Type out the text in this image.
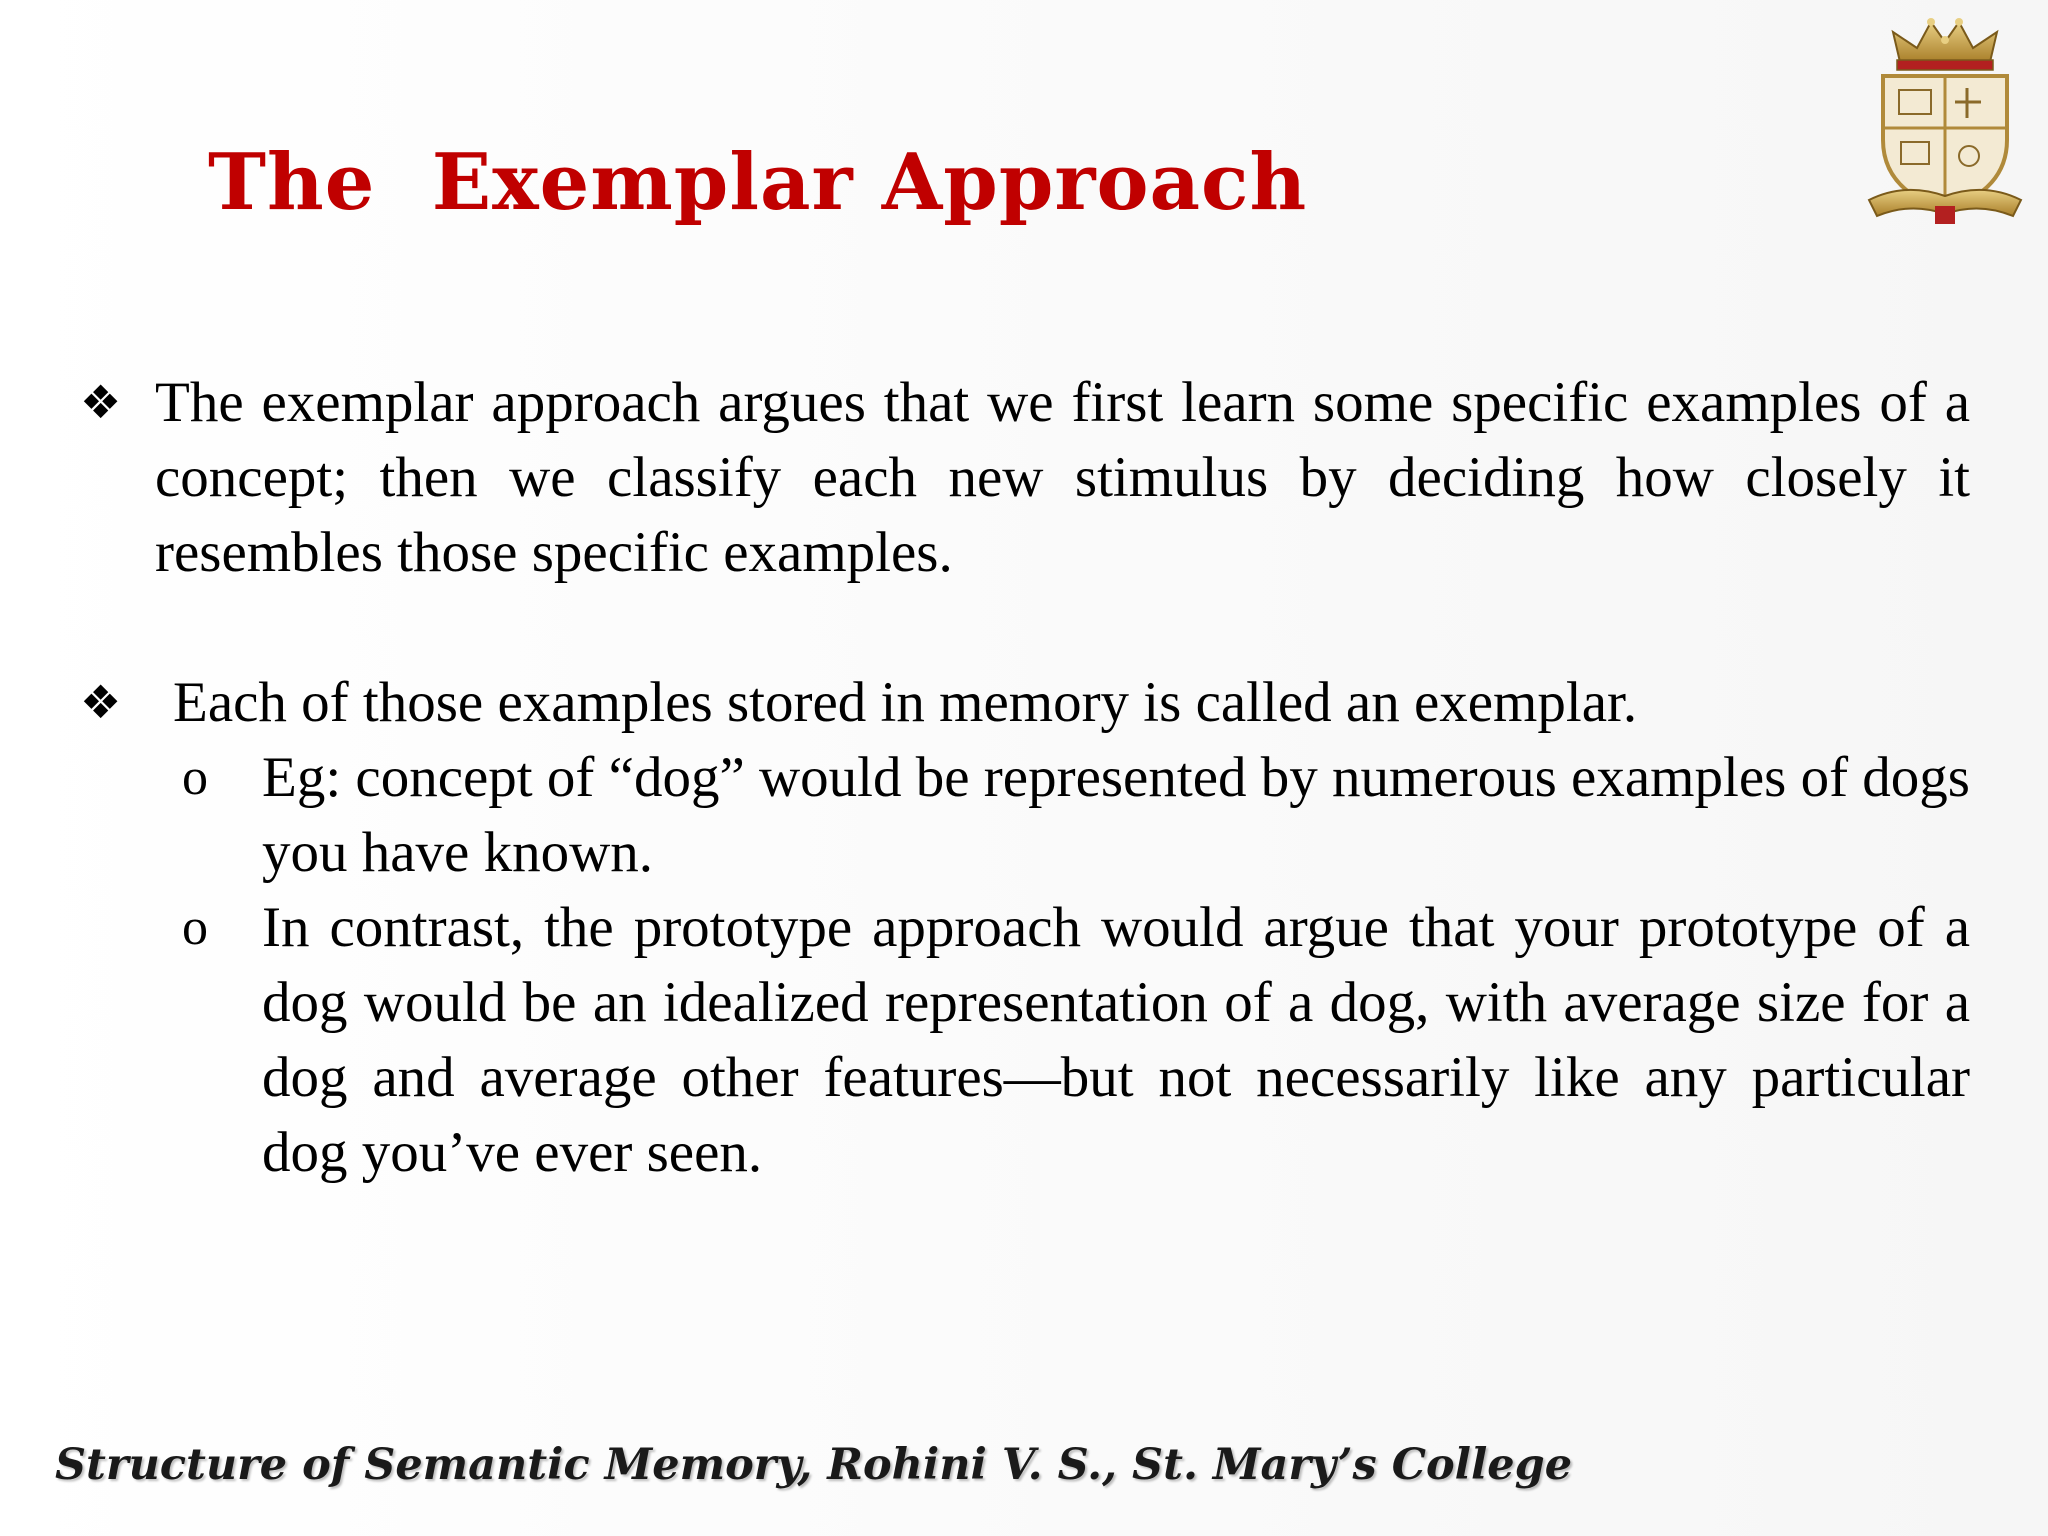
The  Exemplar Approach
❖ The exemplar approach argues that we first learn some specific examples of a concept; then we classify each new stimulus by deciding how closely it resembles those specific examples.
❖ Each of those examples stored in memory is called an exemplar.
o Eg: concept of “dog” would be represented by numerous examples of dogs you have known.
o In contrast, the prototype approach would argue that your prototype of a dog would be an idealized representation of a dog, with average size for a dog and average other features—but not necessarily like any particular dog you’ve ever seen.
Structure of Semantic Memory, Rohini V. S., St. Mary’s College
